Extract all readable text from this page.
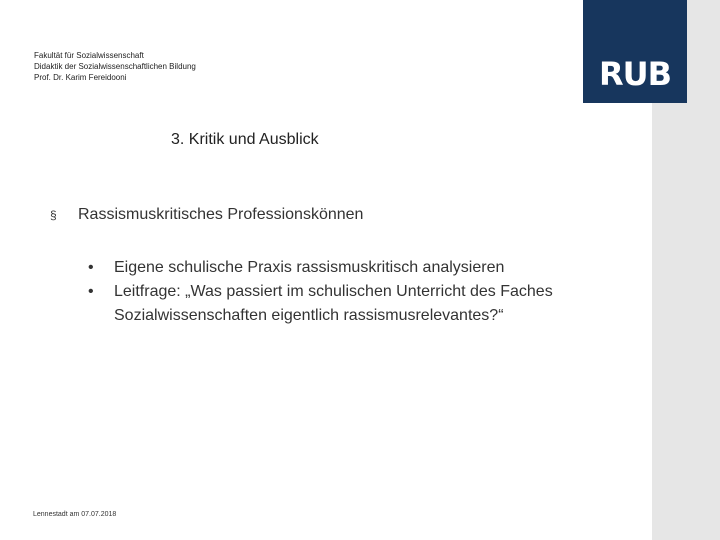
RUB
Fakultät für Sozialwissenschaft
Didaktik der Sozialwissenschaftlichen Bildung
Prof. Dr. Karim Fereidooni
3. Kritik und Ausblick
§ Rassismuskritisches Professionskönnen
•	Eigene schulische Praxis rassismuskritisch analysieren
•	Leitfrage: „Was passiert im schulischen Unterricht des Faches Sozialwissenschaften eigentlich rassismusrelevantes?“
Lennestadt am 07.07.2018
